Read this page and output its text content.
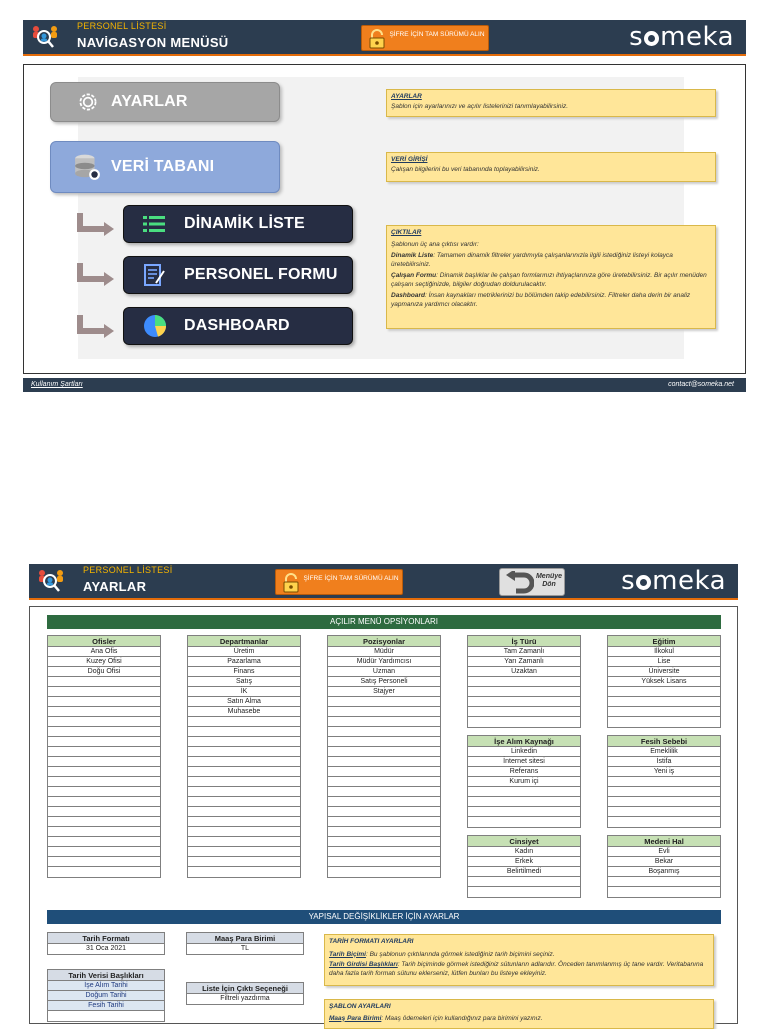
PERSONEL LİSTESİ
NAVİGASYON MENÜSÜ
ŞİFRE İÇİN TAM SÜRÜMÜ ALIN	s meka
AYARLAR
VERİ TABANI
DİNAMİK LİSTE
PERSONEL FORMU
DASHBOARD
AYARLAR
Şablon için ayarlarınızı ve açılır listelerinizi tanımlayabilirsiniz.
VERİ GİRİŞİ
Çalışan bilgilerini bu veri tabanında toplayabilirsiniz.
ÇIKTILAR
Şablonun üç ana çıktısı vardır:
Dinamik Liste: Tamamen dinamik filtreler yardımıyla çalışanlarınızla ilgili istediğiniz listeyi kolayca üretebilirsiniz.
Çalışan Formu: Dinamik başlıklar ile çalışan formlarınızı ihtiyaçlarınıza göre üretebilirsiniz. Bir açılır menüden çalışanı seçtiğinizde, bilgiler doğrudan doldurulacaktır.
Dashboard: İnsan kaynakları metriklerinizi bu bölümden takip edebilirsiniz. Filtreler daha derin bir analiz yapmanıza yardımcı olacaktır.
Kullanım Şartları	contact@someka.net
PERSONEL LİSTESİ
AYARLAR
ŞİFRE İÇİN TAM SÜRÜMÜ ALIN	Menüye Dön	s meka
AÇILIR MENÜ OPSİYONLARI
Ofisler
Ana Ofis
Kuzey Ofisi
Doğu Ofisi
Departmanlar
Üretim
Pazarlama
Finans
Satış
İK
Satın Alma
Muhasebe
Pozisyonlar
Müdür
Müdür Yardımcısı
Uzman
Satış Personeli
Stajyer
İş Türü
Tam Zamanlı
Yarı Zamanlı
Uzaktan
Eğitim
İlkokul
Lise
Üniversite
Yüksek Lisans
İşe Alım Kaynağı
Linkedin
İnternet sitesi
Referans
Kurum içi
Fesih Sebebi
Emeklilik
İstifa
Yeni iş
Cinsiyet
Kadın
Erkek
Belirtilmedi
Medeni Hal
Evli
Bekar
Boşanmış
YAPISAL DEĞİŞİKLİKLER İÇİN AYARLAR
Tarih Formatı
31 Oca 2021
Maaş Para Birimi
TL
Tarih Verisi Başlıkları
İşe Alım Tarihi
Doğum Tarihi
Fesih Tarihi
Liste İçin Çıktı Seçeneği
Filtreli yazdırma
TARİH FORMATI AYARLARI
Tarih Biçimi: Bu şablonun çıktılarında görmek istediğiniz tarih biçimini seçiniz.
Tarih Girdisi Başlıkları: Tarih biçiminde görmek istediğiniz sütunların adlarıdır. Önceden tanımlanmış üç tane vardır. Veritabanına daha fazla tarih formatı sütunu eklerseniz, lütfen bunları bu listeye ekleyiniz.
ŞABLON AYARLARI
Maaş Para Birimi: Maaş ödemeleri için kullandığınız para birimini yazınız.
